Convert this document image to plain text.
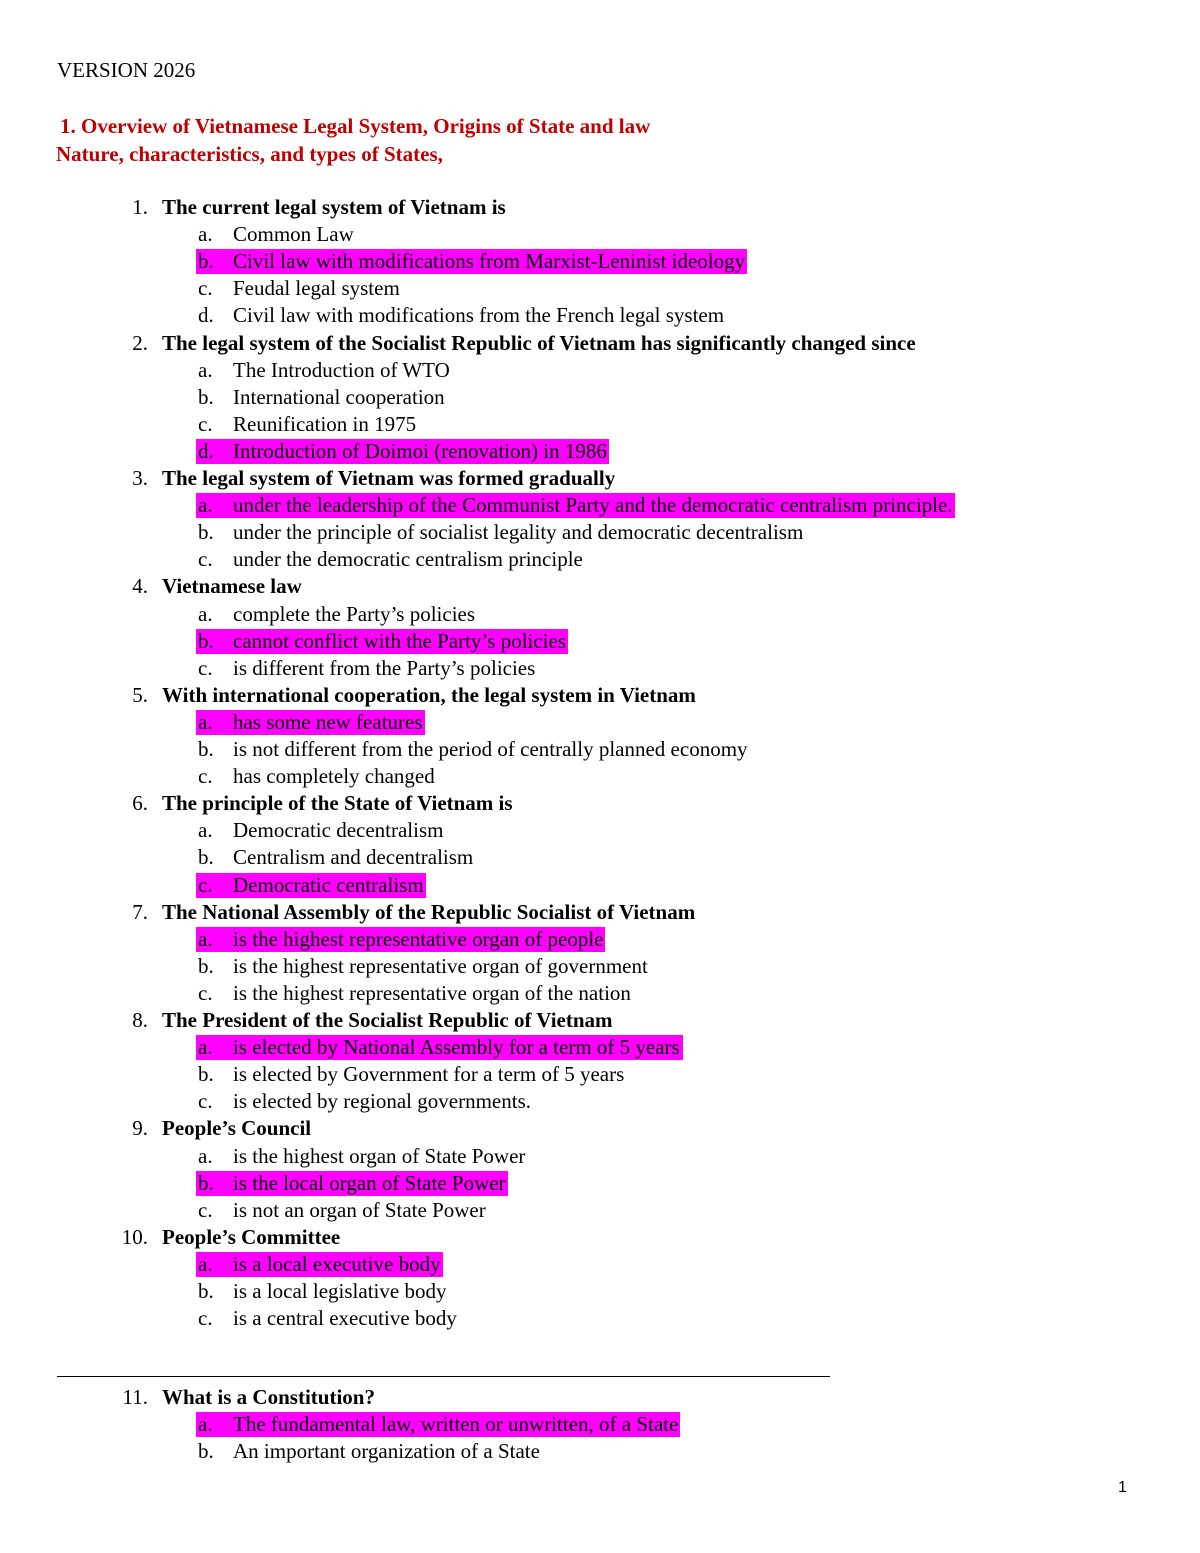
VERSION 2026
1. Overview of Vietnamese Legal System, Origins of State and law
Nature, characteristics, and types of States,
1. The current legal system of Vietnam is
a. Common Law
b. Civil law with modifications from Marxist-Leninist ideology
c. Feudal legal system
d. Civil law with modifications from the French legal system
2. The legal system of the Socialist Republic of Vietnam has significantly changed since
a. The Introduction of WTO
b. International cooperation
c. Reunification in 1975
d. Introduction of Doimoi (renovation) in 1986
3. The legal system of Vietnam was formed gradually
a. under the leadership of the Communist Party and the democratic centralism principle.
b. under the principle of socialist legality and democratic decentralism
c. under the democratic centralism principle
4. Vietnamese law
a. complete the Party’s policies
b. cannot conflict with the Party’s policies
c. is different from the Party’s policies
5. With international cooperation, the legal system in Vietnam
a. has some new features
b. is not different from the period of centrally planned economy
c. has completely changed
6. The principle of the State of Vietnam is
a. Democratic decentralism
b. Centralism and decentralism
c. Democratic centralism
7. The National Assembly of the Republic Socialist of Vietnam
a. is the highest representative organ of people
b. is the highest representative organ of government
c. is the highest representative organ of the nation
8. The President of the Socialist Republic of Vietnam
a. is elected by National Assembly for a term of 5 years
b. is elected by Government for a term of 5 years
c. is elected by regional governments.
9. People’s Council
a. is the highest organ of State Power
b. is the local organ of State Power
c. is not an organ of State Power
10. People’s Committee
a. is a local executive body
b. is a local legislative body
c. is a central executive body
11. What is a Constitution?
a. The fundamental law, written or unwritten, of a State
b. An important organization of a State
1
